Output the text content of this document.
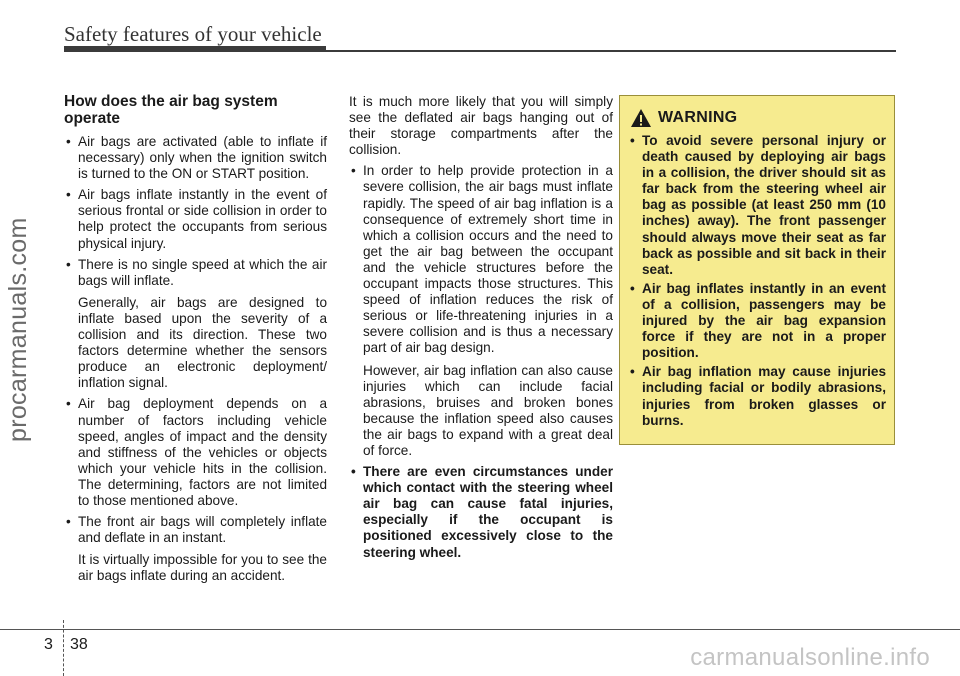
Safety features of your vehicle
procarmanuals.com
How does the air bag system operate

• Air bags are activated (able to inflate if necessary) only when the ignition switch is turned to the ON or START position.

• Air bags inflate instantly in the event of serious frontal or side collision in order to help protect the occupants from serious physical injury.

• There is no single speed at which the air bags will inflate.

Generally, air bags are designed to inflate based upon the severity of a collision and its direction. These two factors determine whether the sensors produce an electronic deployment/ inflation signal.

• Air bag deployment depends on a number of factors including vehicle speed, angles of impact and the density and stiffness of the vehicles or objects which your vehicle hits in the collision. The determining, factors are not limited to those mentioned above.

• The front air bags will completely inflate and deflate in an instant.

It is virtually impossible for you to see the air bags inflate during an accident.

It is much more likely that you will simply see the deflated air bags hanging out of their storage compartments after the collision.

• In order to help provide protection in a severe collision, the air bags must inflate rapidly. The speed of air bag inflation is a consequence of extremely short time in which a collision occurs and the need to get the air bag between the occupant and the vehicle structures before the occupant impacts those structures. This speed of inflation reduces the risk of serious or life-threatening injuries in a severe collision and is thus a necessary part of air bag design.

However, air bag inflation can also cause injuries which can include facial abrasions, bruises and broken bones because the inflation speed also causes the air bags to expand with a great deal of force.

• There are even circumstances under which contact with the steering wheel air bag can cause fatal injuries, especially if the occupant is positioned excessively close to the steering wheel.

WARNING

• To avoid severe personal injury or death caused by deploying air bags in a collision, the driver should sit as far back from the steering wheel air bag as possible (at least 250 mm (10 inches) away). The front passenger should always move their seat as far back as possible and sit back in their seat.

• Air bag inflates instantly in an event of a collision, passengers may be injured by the air bag expansion force if they are not in a proper position.

• Air bag inflation may cause injuries including facial or bodily abrasions, injuries from broken glasses or burns.

3 38	carmanualsonline.info
